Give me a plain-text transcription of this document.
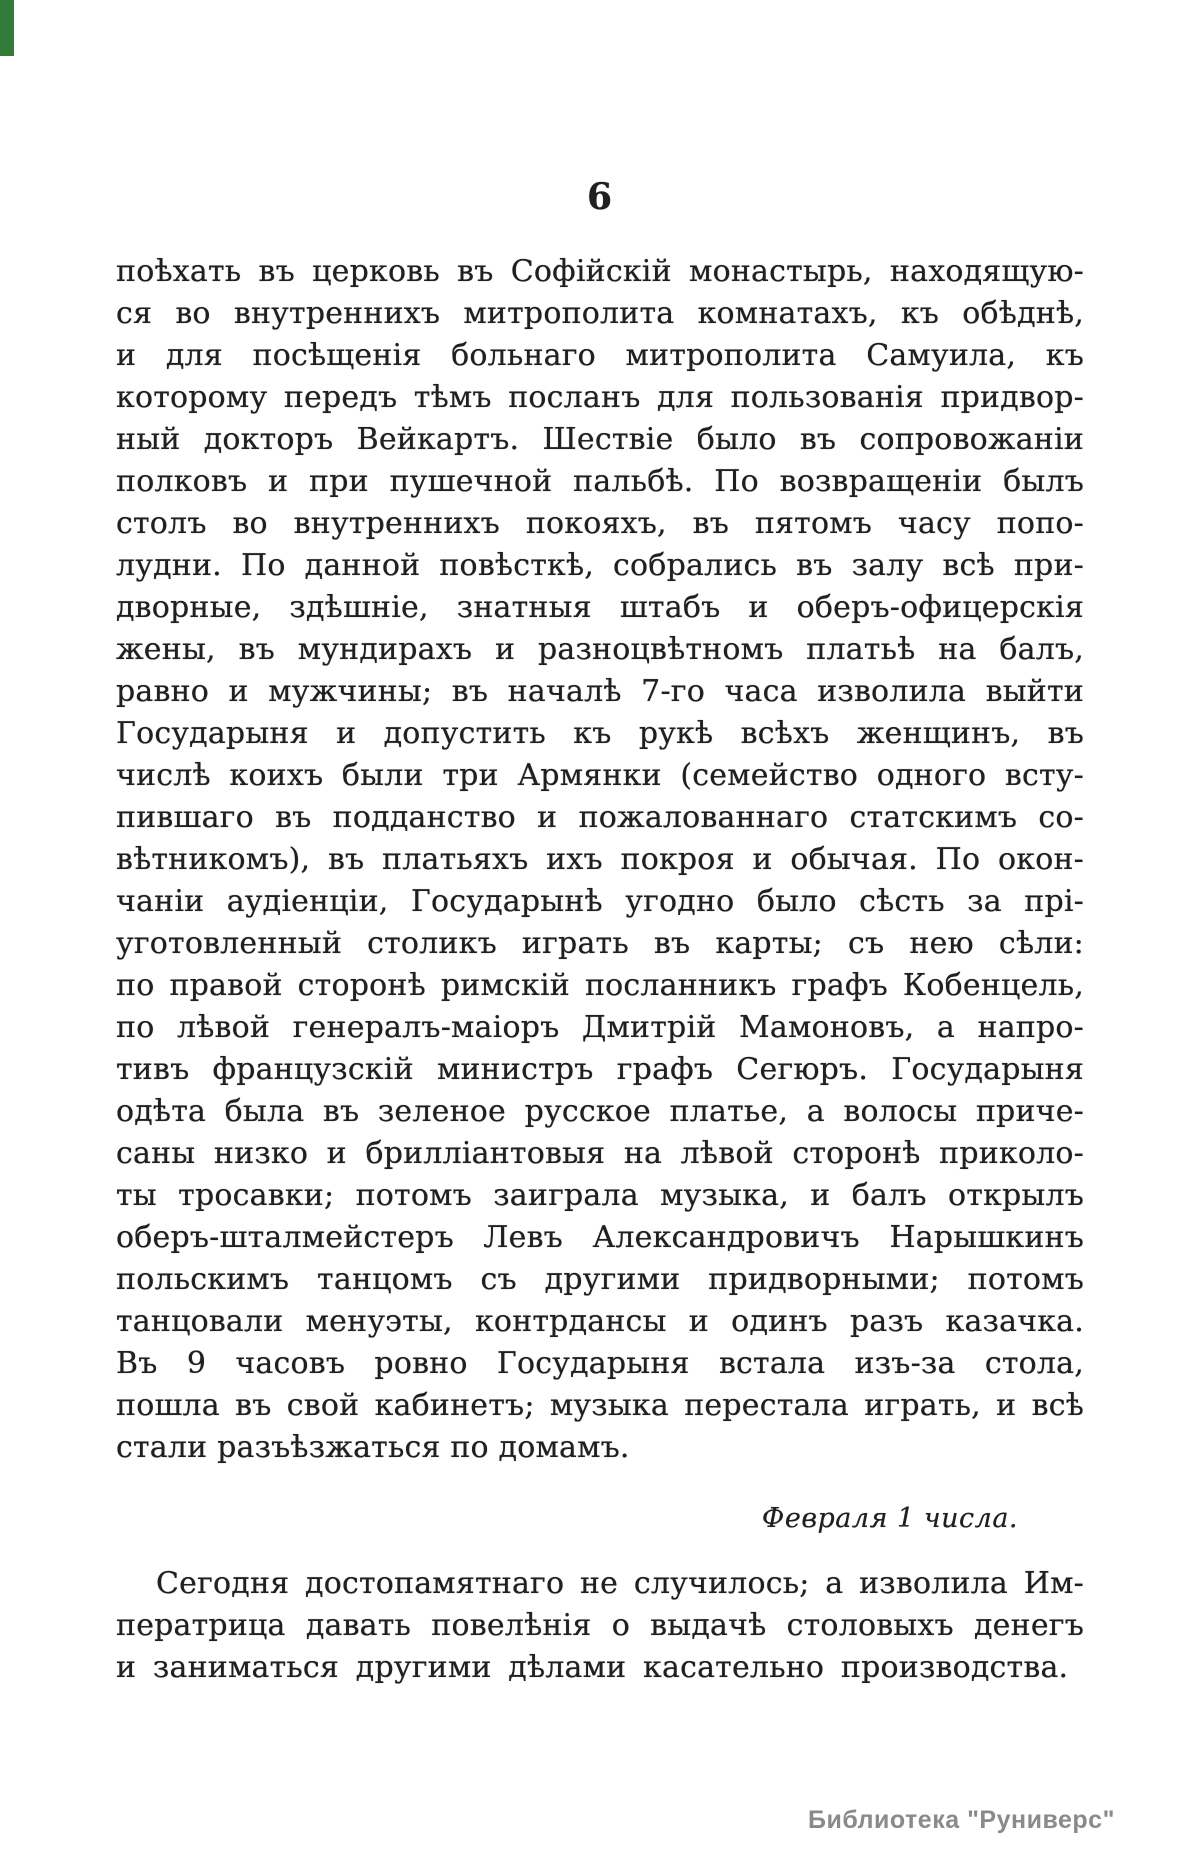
6
поѣхать въ церковь въ Софійскій монастырь, находящую-
ся во внутреннихъ митрополита комнатахъ, къ обѣднѣ,
и для посѣщенія больнаго митрополита Самуила, къ
которому передъ тѣмъ посланъ для пользованія придвор-
ный докторъ Вейкартъ. Шествіе было въ сопровожаніи
полковъ и при пушечной пальбѣ. По возвращеніи былъ
столъ во внутреннихъ покояхъ, въ пятомъ часу попо-
лудни. По данной повѣсткѣ, собрались въ залу всѣ при-
дворные, здѣшніе, знатныя штабъ и оберъ-офицерскія
жены, въ мундирахъ и разноцвѣтномъ платьѣ на балъ,
равно и мужчины; въ началѣ 7-го часа изволила выйти
Государыня и допустить къ рукѣ всѣхъ женщинъ, въ
числѣ коихъ были три Армянки (семейство одного всту-
пившаго въ подданство и пожалованнаго статскимъ со-
вѣтникомъ), въ платьяхъ ихъ покроя и обычая. По окон-
чаніи аудіенціи, Государынѣ угодно было сѣсть за прі-
уготовленный столикъ играть въ карты; съ нею сѣли:
по правой сторонѣ римскій посланникъ графъ Кобенцель,
по лѣвой генералъ-маіоръ Дмитрій Мамоновъ, а напро-
тивъ французскій министръ графъ Сегюръ. Государыня
одѣта была въ зеленое русское платье, а волосы приче-
саны низко и брилліантовыя на лѣвой сторонѣ приколо-
ты тросавки; потомъ заиграла музыка, и балъ открылъ
оберъ-шталмейстеръ Левъ Александровичъ Нарышкинъ
польскимъ танцомъ съ другими придворными; потомъ
танцовали менуэты, контрдансы и одинъ разъ казачка.
Въ 9 часовъ ровно Государыня встала изъ-за стола,
пошла въ свой кабинетъ; музыка перестала играть, и всѣ
стали разъѣзжаться по домамъ.
Февраля 1 числа.
Сегодня достопамятнаго не случилось; а изволила Им-
ператрица давать повелѣнія о выдачѣ столовыхъ денегъ
и заниматься другими дѣлами касательно производства.
Библиотека "Руниверс"
